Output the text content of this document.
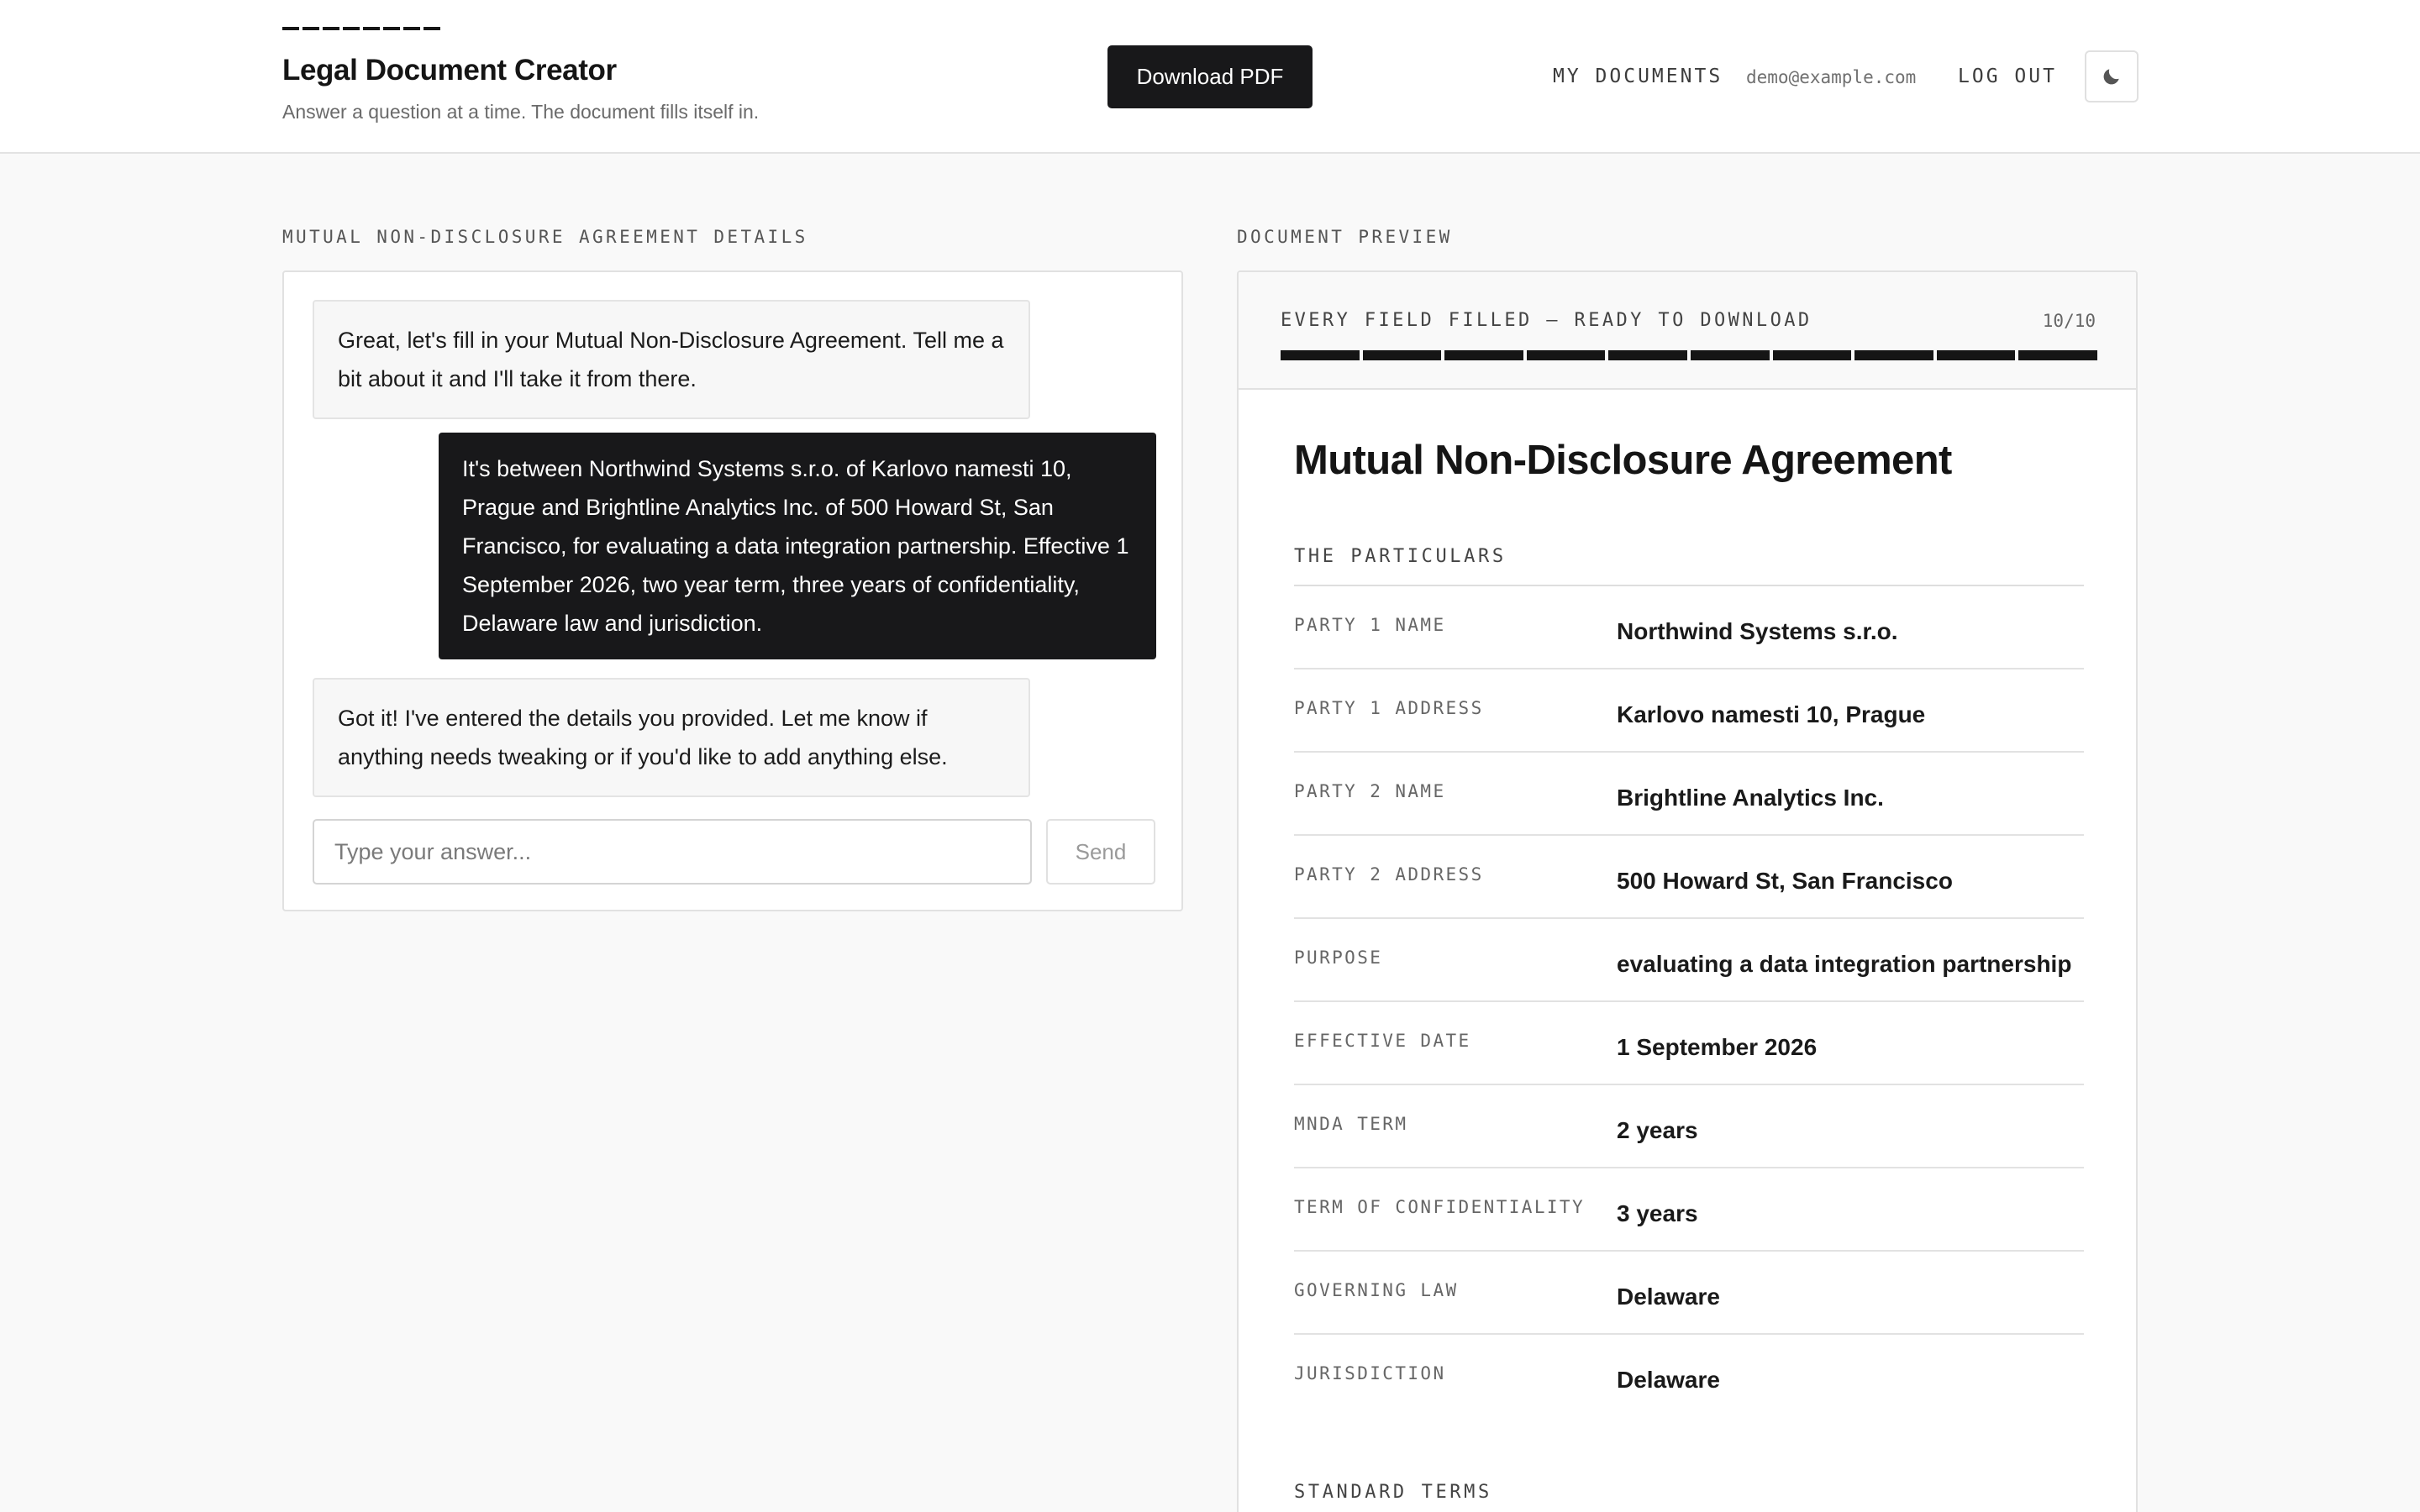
Legal Document Creator
Answer a question at a time. The document fills itself in.
Download PDF	MY DOCUMENTS demo@example.com LOG OUT
MUTUAL NON-DISCLOSURE AGREEMENT DETAILS
Great, let's fill in your Mutual Non-Disclosure Agreement. Tell me a bit about it and I'll take it from there.
It's between Northwind Systems s.r.o. of Karlovo namesti 10, Prague and Brightline Analytics Inc. of 500 Howard St, San Francisco, for evaluating a data integration partnership. Effective 1 September 2026, two year term, three years of confidentiality, Delaware law and jurisdiction.
Got it! I've entered the details you provided. Let me know if anything needs tweaking or if you'd like to add anything else.
Type your answer...
Send
DOCUMENT PREVIEW
EVERY FIELD FILLED — READY TO DOWNLOAD	10/10
Mutual Non-Disclosure Agreement
THE PARTICULARS
PARTY 1 NAME	Northwind Systems s.r.o.
PARTY 1 ADDRESS	Karlovo namesti 10, Prague
PARTY 2 NAME	Brightline Analytics Inc.
PARTY 2 ADDRESS	500 Howard St, San Francisco
PURPOSE	evaluating a data integration partnership
EFFECTIVE DATE	1 September 2026
MNDA TERM	2 years
TERM OF CONFIDENTIALITY 3 years
GOVERNING LAW	Delaware
JURISDICTION	Delaware
STANDARD TERMS
